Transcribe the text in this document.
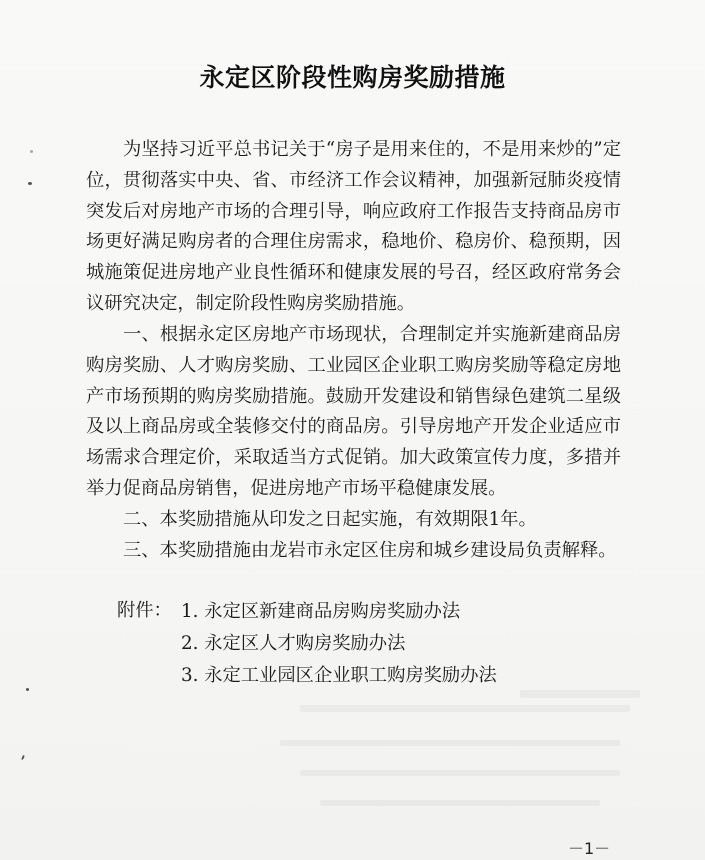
永定区阶段性购房奖励措施
为坚持习近平总书记关于“房子是用来住的，不是用来炒的”定位，贯彻落实中央、省、市经济工作会议精神，加强新冠肺炎疫情突发后对房地产市场的合理引导，响应政府工作报告支持商品房市场更好满足购房者的合理住房需求，稳地价、稳房价、稳预期，因城施策促进房地产业良性循环和健康发展的号召，经区政府常务会议研究决定，制定阶段性购房奖励措施。
一、根据永定区房地产市场现状，合理制定并实施新建商品房购房奖励、人才购房奖励、工业园区企业职工购房奖励等稳定房地产市场预期的购房奖励措施。鼓励开发建设和销售绿色建筑二星级及以上商品房或全装修交付的商品房。引导房地产开发企业适应市场需求合理定价，采取适当方式促销。加大政策宣传力度，多措并举力促商品房销售，促进房地产市场平稳健康发展。
二、本奖励措施从印发之日起实施，有效期限1年。
三、本奖励措施由龙岩市永定区住房和城乡建设局负责解释。
附件： 1. 永定区新建商品房购房奖励办法
2. 永定区人才购房奖励办法
3. 永定工业园区企业职工购房奖励办法
－1－
